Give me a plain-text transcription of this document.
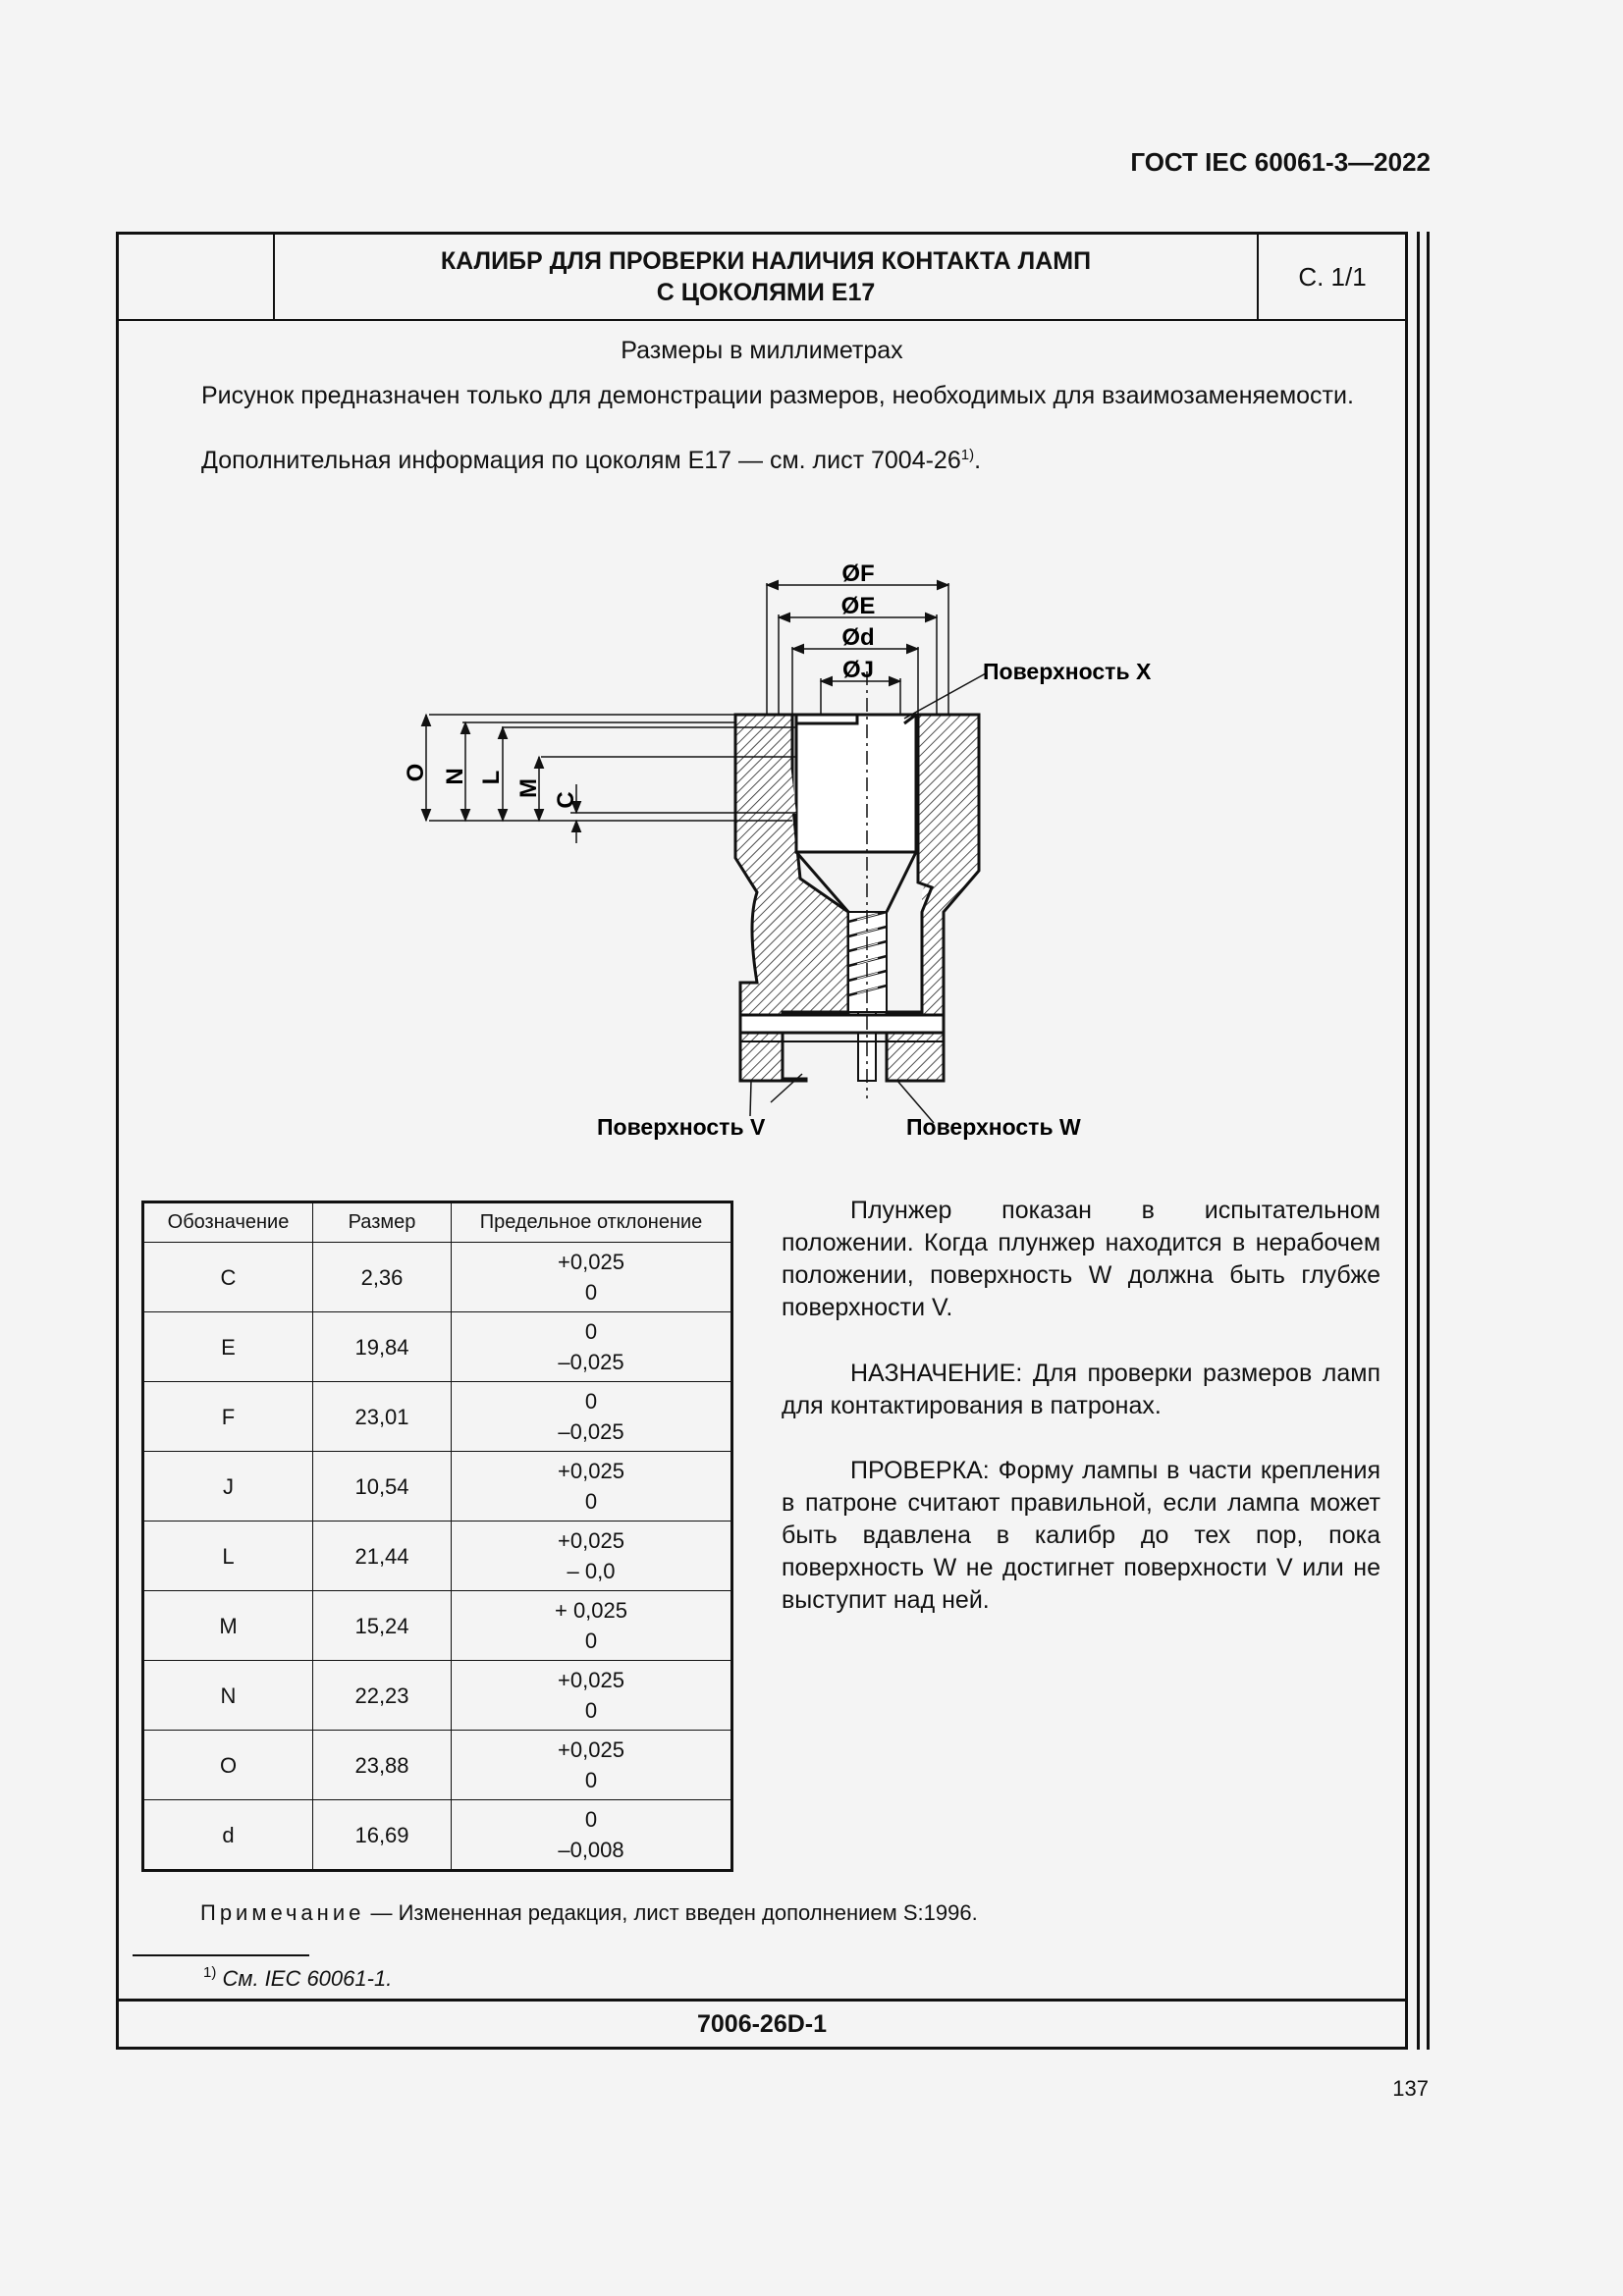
ГОСТ IEC 60061-3—2022
КАЛИБР ДЛЯ ПРОВЕРКИ НАЛИЧИЯ КОНТАКТА ЛАМП
С ЦОКОЛЯМИ Е17
С. 1/1
Размеры в миллиметрах
Рисунок предназначен только для демонстрации размеров, необходимых для взаимозаменяемости.
Дополнительная информация по цоколям Е17 — см. лист 7004-26$^{1)}$.
ØF
ØE
Ød
ØJ	Поверхность X
O N L
M
C
Поверхность V	Поверхность W
Обозначение	Размер	Предельное отклонение
C	2,36	+0,025
0

E	19,84	0
–0,025

F	23,01	0
–0,025

J	10,54	+0,025
0

L	21,44	+0,025
– 0,0

M	15,24	+ 0,025
0

N	22,23	+0,025
0

O	23,88	+0,025
0

d	16,69	0
–0,008
Плунжер показан в испытательном положении. Когда плунжер находится в нерабочем положении, поверхность W должна быть глубже поверхности V.
НАЗНАЧЕНИЕ: Для проверки размеров ламп для контактирования в патронах.
ПРОВЕРКА: Форму лампы в части крепления в патроне считают правильной, если лампа может быть вдавлена в калибр до тех пор, пока поверхность W не достигнет поверхности V или не выступит над ней.
Примечание — Измененная редакция, лист введен дополнением S:1996.
$^{1)}$ См. IEC 60061-1.
7006-26D-1
137
